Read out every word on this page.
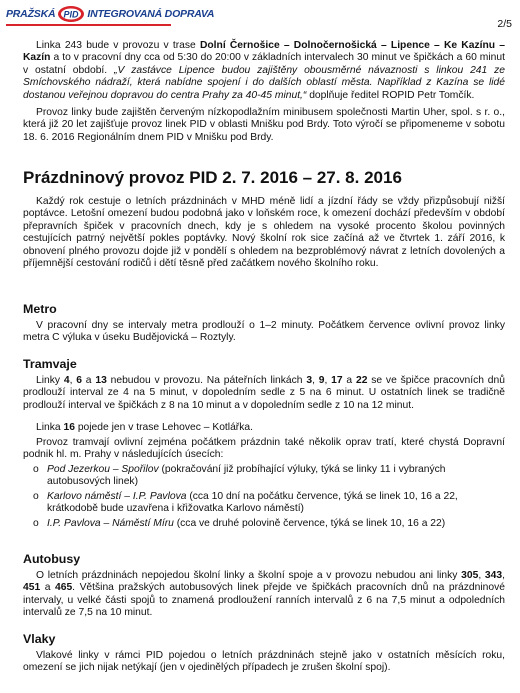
PRAŽSKÁ PID INTEGROVANÁ DOPRAVA
2/5

Linka 243 bude v provozu v trase Dolní Černošice – Dolnočernošická – Lipence – Ke Kazínu – Kazín a to v pracovní dny cca od 5:30 do 20:00 v základních intervalech 30 minut ve špičkách a 60 minut v ostatní období. „V zastávce Lipence budou zajištěny obousměrné návaznosti s linkou 241 ze Smíchovského nádraží, která nabídne spojení i do dalších oblastí města. Například z Kazína se lidé dostanou veřejnou dopravou do centra Prahy za 40-45 minut,“ doplňuje ředitel ROPID Petr Tomčík.

Provoz linky bude zajištěn červeným nízkopodlažním minibusem společnosti Martin Uher, spol. s r. o., která již 20 let zajišťuje provoz linek PID v oblasti Mnišku pod Brdy. Toto výročí se připomeneme v sobotu 18. 6. 2016 Regionálním dnem PID v Mnišku pod Brdy.

Prázdninový provoz PID 2. 7. 2016 – 27. 8. 2016

Každý rok cestuje o letních prázdninách v MHD méně lidí a jízdní řády se vždy přizpůsobují nižší poptávce. Letošní omezení budou podobná jako v loňském roce, k omezení dochází především v období přepravních špiček v pracovních dnech, kdy je s ohledem na vysoké procento školou povinných cestujících patrný největší pokles poptávky. Nový školní rok sice začíná až ve čtvrtek 1. září 2016, k obnovení plného provozu dojde již v pondělí s ohledem na bezproblémový návrat z letních dovolených a příjemnější cestování rodičů i dětí těsně před začátkem nového školního roku.

Metro

V pracovní dny se intervaly metra prodlouží o 1–2 minuty. Počátkem července ovlivní provoz linky metra C výluka v úseku Budějovická – Roztyly.

Tramvaje

Linky 4, 6 a 13 nebudou v provozu. Na páteřních linkách 3, 9, 17 a 22 se ve špičce pracovních dnů prodlouží interval ze 4 na 5 minut, v dopoledním sedle z 5 na 6 minut. U ostatních linek se tradičně prodlouží interval ve špičkách z 8 na 10 minut a v dopoledním sedle z 10 na 12 minut.

Linka 16 pojede jen v trase Lehovec – Kotlářka.

Provoz tramvají ovlivní zejména počátkem prázdnin také několik oprav tratí, které chystá Dopravní podnik hl. m. Prahy v následujících úsecích:

o Pod Jezerkou – Spořilov (pokračování již probíhající výluky, týká se linky 11 i vybraných autobusových linek)
o Karlovo náměstí – I.P. Pavlova (cca 10 dní na počátku července, týká se linek 10, 16 a 22, krátkodobě bude uzavřena i křižovatka Karlovo náměstí)
o I.P. Pavlova – Náměstí Míru (cca ve druhé polovině července, týká se linek 10, 16 a 22)
Autobusy

O letních prázdninách nepojedou školní linky a školní spoje a v provozu nebudou ani linky 305, 343, 451 a 465. Většina pražských autobusových linek přejde ve špičkách pracovních dnů na prázdninové intervaly, u velké části spojů to znamená prodloužení ranních intervalů z 6 na 7,5 minut a odpoledních intervalů ze 7,5 na 10 minut.

Vlaky

Vlakové linky v rámci PID pojedou o letních prázdninách stejně jako v ostatních měsících roku, omezení se jich nijak netýkají (jen v ojedinělých případech je zrušen školní spoj).
